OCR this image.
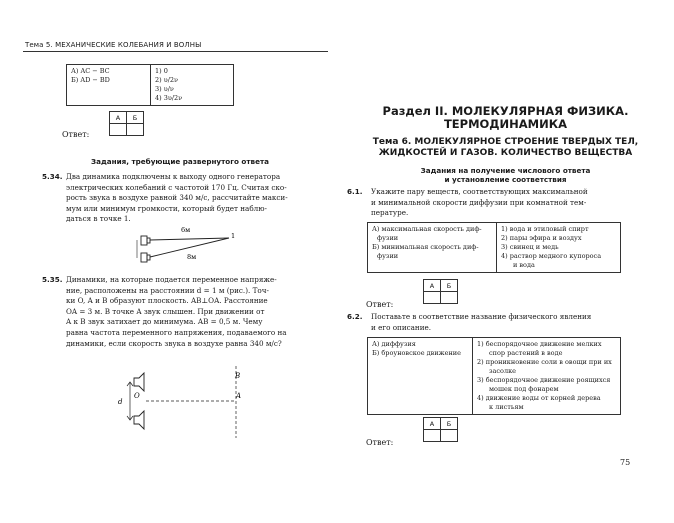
Тема 5. МЕХАНИЧЕСКИЕ КОЛЕБАНИЯ И ВОЛНЫ
А) AC − BC
Б) AD − BD

1) 0
2) υ/2ν
3) υ/ν
4) 3υ/2ν
Ответ:
А	Б

Задания, требующие развернутого ответа
5.34. Два динамика подключены к выходу одного генератора
электрических колебаний с частотой 170 Гц. Считая ско-
рость звука в воздухе равной 340 м/с, рассчитайте макси-
мум или минимум громкости, который будет наблю-
даться в точке 1.
6м
8м
1
5.35. Динамики, на которые подается переменное напряже-
ние, расположены на расстоянии d = 1 м (рис.). Точ-
ки O, A и B образуют плоскость. AB⊥OA. Расстояние
OA = 3 м. В точке A звук слышен. При движении от
A к B звук затихает до минимума. AB = 0,5 м. Чему
равна частота переменного напряжения, подаваемого на
динамики, если скорость звука в воздухе равна 340 м/c?
d
B
O	A
Раздел II. МОЛЕКУЛЯРНАЯ ФИЗИКА.
ТЕРМОДИНАМИКА
Тема 6. МОЛЕКУЛЯРНОЕ СТРОЕНИЕ ТВЕРДЫХ ТЕЛ,
ЖИДКОСТЕЙ И ГАЗОВ. КОЛИЧЕСТВО ВЕЩЕСТВА
Задания на получение числового ответа
и установление соответствия
6.1. Укажите пару веществ, соответствующих максимальной
и минимальной скорости диффузии при комнатной тем-
пературе.
А) максимальная скорость диф-
фузии
Б) минимальная скорость диф-
фузии

1) вода и этиловый спирт
2) пары эфира и воздух
3) свинец и медь
4) раствор медного купороса
и вода
Ответ:
А	Б

6.2. Поставьте в соответствие название физического явления
и его описание.
А) диффузия
Б) броуновское движение

1) беспорядочное движение мелких
спор растений в воде
2) проникновение соли в овощи при их
засолке
3) беспорядочное движение роящихся
мошек под фонарем
4) движение воды от корней дерева
к листьям
Ответ:
А	Б

75
